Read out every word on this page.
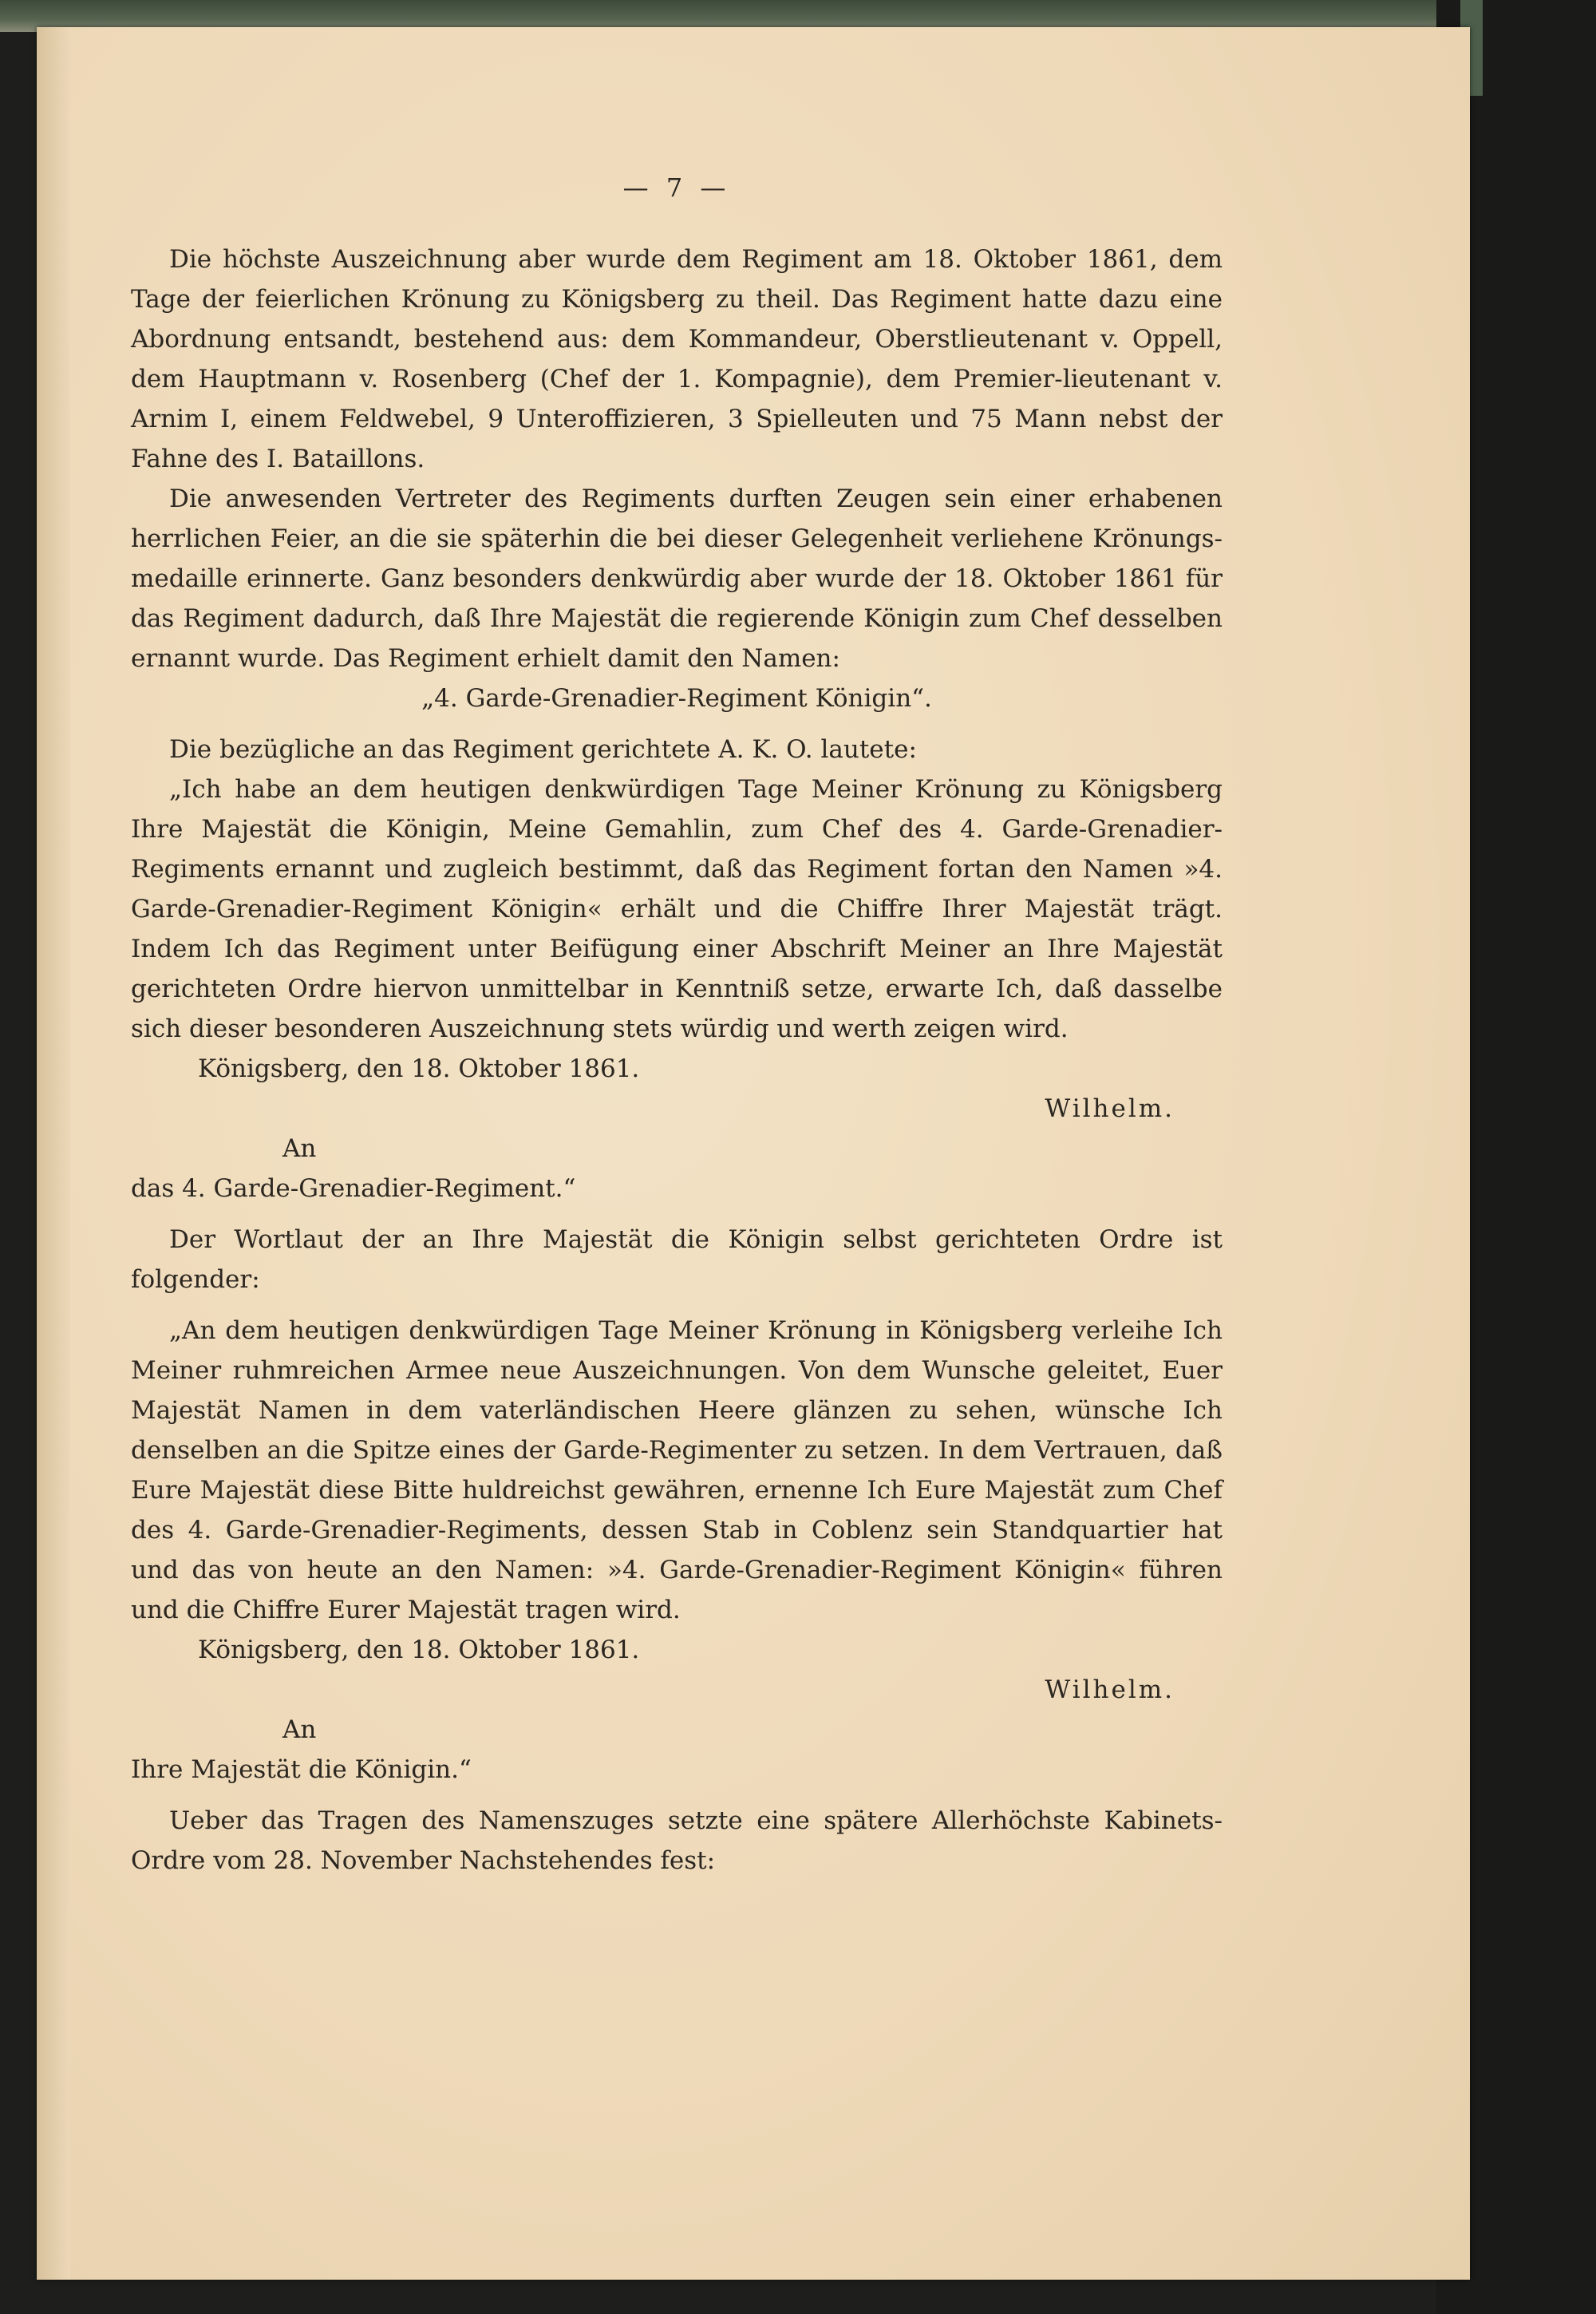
— 7 —

Die höchste Auszeichnung aber wurde dem Regiment am 18. Oktober 1861, dem Tage der feierlichen Krönung zu Königsberg zu theil. Das Regiment hatte dazu eine Abordnung entsandt, bestehend aus: dem Kommandeur, Oberstlieutenant v. Oppell, dem Hauptmann v. Rosenberg (Chef der 1. Kompagnie), dem Premier-lieutenant v. Arnim I, einem Feldwebel, 9 Unteroffizieren, 3 Spielleuten und 75 Mann nebst der Fahne des I. Bataillons.

Die anwesenden Vertreter des Regiments durften Zeugen sein einer erhabenen herrlichen Feier, an die sie späterhin die bei dieser Gelegenheit verliehene Krönungs-medaille erinnerte. Ganz besonders denkwürdig aber wurde der 18. Oktober 1861 für das Regiment dadurch, daß Ihre Majestät die regierende Königin zum Chef desselben ernannt wurde. Das Regiment erhielt damit den Namen:

„4. Garde-Grenadier-Regiment Königin“.

Die bezügliche an das Regiment gerichtete A. K. O. lautete:

„Ich habe an dem heutigen denkwürdigen Tage Meiner Krönung zu Königsberg Ihre Majestät die Königin, Meine Gemahlin, zum Chef des 4. Garde-Grenadier-Regiments ernannt und zugleich bestimmt, daß das Regiment fortan den Namen »4. Garde-Grenadier-Regiment Königin« erhält und die Chiffre Ihrer Majestät trägt. Indem Ich das Regiment unter Beifügung einer Abschrift Meiner an Ihre Majestät gerichteten Ordre hiervon unmittelbar in Kenntniß setze, erwarte Ich, daß dasselbe sich dieser besonderen Auszeichnung stets würdig und werth zeigen wird.

Königsberg, den 18. Oktober 1861.

Wilhelm.

An

das 4. Garde-Grenadier-Regiment.“

Der Wortlaut der an Ihre Majestät die Königin selbst gerichteten Ordre ist folgender:

„An dem heutigen denkwürdigen Tage Meiner Krönung in Königsberg verleihe Ich Meiner ruhmreichen Armee neue Auszeichnungen. Von dem Wunsche geleitet, Euer Majestät Namen in dem vaterländischen Heere glänzen zu sehen, wünsche Ich denselben an die Spitze eines der Garde-Regimenter zu setzen. In dem Vertrauen, daß Eure Majestät diese Bitte huldreichst gewähren, ernenne Ich Eure Majestät zum Chef des 4. Garde-Grenadier-Regiments, dessen Stab in Coblenz sein Standquartier hat und das von heute an den Namen: »4. Garde-Grenadier-Regiment Königin« führen und die Chiffre Eurer Majestät tragen wird.

Königsberg, den 18. Oktober 1861.

Wilhelm.

An

Ihre Majestät die Königin.“

Ueber das Tragen des Namenszuges setzte eine spätere Allerhöchste Kabinets-Ordre vom 28. November Nachstehendes fest:
